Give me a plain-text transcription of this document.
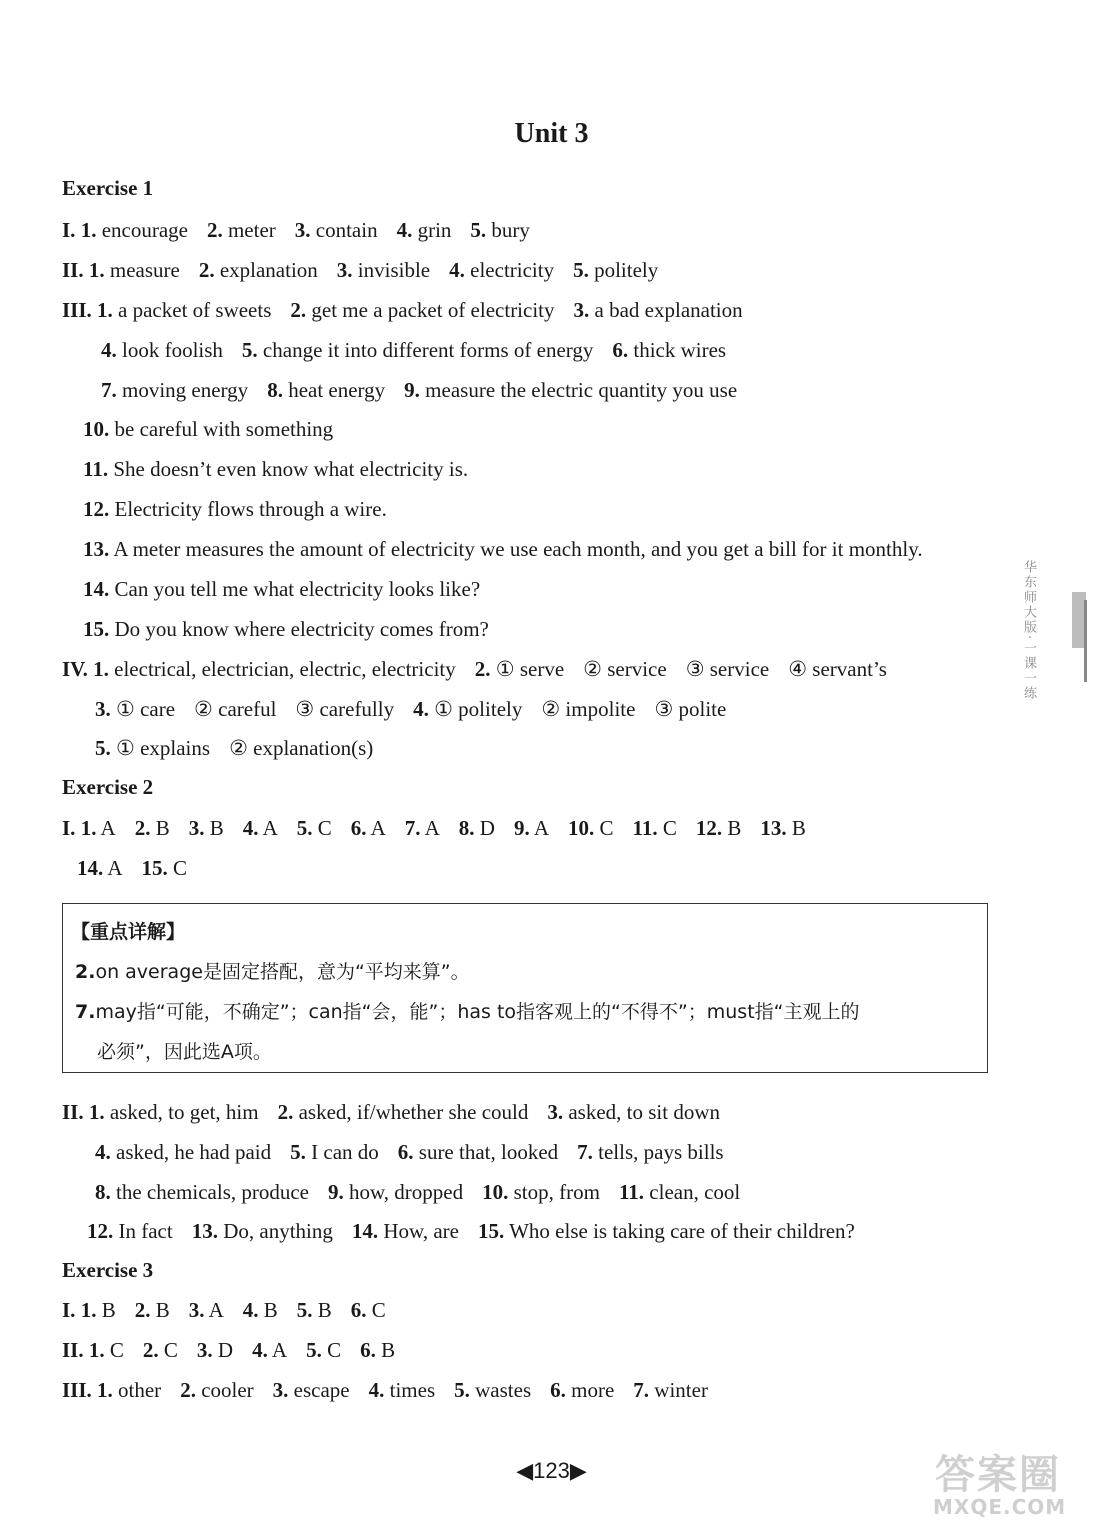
Unit 3
Exercise 1
I. 1. encourage 2. meter 3. contain 4. grin 5. bury
II. 1. measure 2. explanation 3. invisible 4. electricity 5. politely
III. 1. a packet of sweets 2. get me a packet of electricity 3. a bad explanation
4. look foolish 5. change it into different forms of energy 6. thick wires
7. moving energy 8. heat energy 9. measure the electric quantity you use
10. be careful with something
11. She doesn’t even know what electricity is.
12. Electricity flows through a wire.
13. A meter measures the amount of electricity we use each month, and you get a bill for it monthly.
14. Can you tell me what electricity looks like?
15. Do you know where electricity comes from?
IV. 1. electrical, electrician, electric, electricity 2. ① serve ② service ③ service ④ servant’s
3. ① care ② careful ③ carefully 4. ① politely ② impolite ③ polite
5. ① explains ② explanation(s)
Exercise 2
I. 1. A 2. B 3. B 4. A 5. C 6. A 7. A 8. D 9. A 10. C 11. C 12. B 13. B
14. A 15. C
【重点详解】
2.on average是固定搭配，意为“平均来算”。
7.may指“可能，不确定”；can指“会，能”；has to指客观上的“不得不”；must指“主观上的
必须”，因此选A项。
II. 1. asked, to get, him 2. asked, if/whether she could 3. asked, to sit down
4. asked, he had paid 5. I can do 6. sure that, looked 7. tells, pays bills
8. the chemicals, produce 9. how, dropped 10. stop, from 11. clean, cool
12. In fact 13. Do, anything 14. How, are 15. Who else is taking care of their children?
Exercise 3
I. 1. B 2. B 3. A 4. B 5. B 6. C
II. 1. C 2. C 3. D 4. A 5. C 6. B
III. 1. other 2. cooler 3. escape 4. times 5. wastes 6. more 7. winter
华东师大版·一课一练
◀123▶	答案圈
MXQE.COM
